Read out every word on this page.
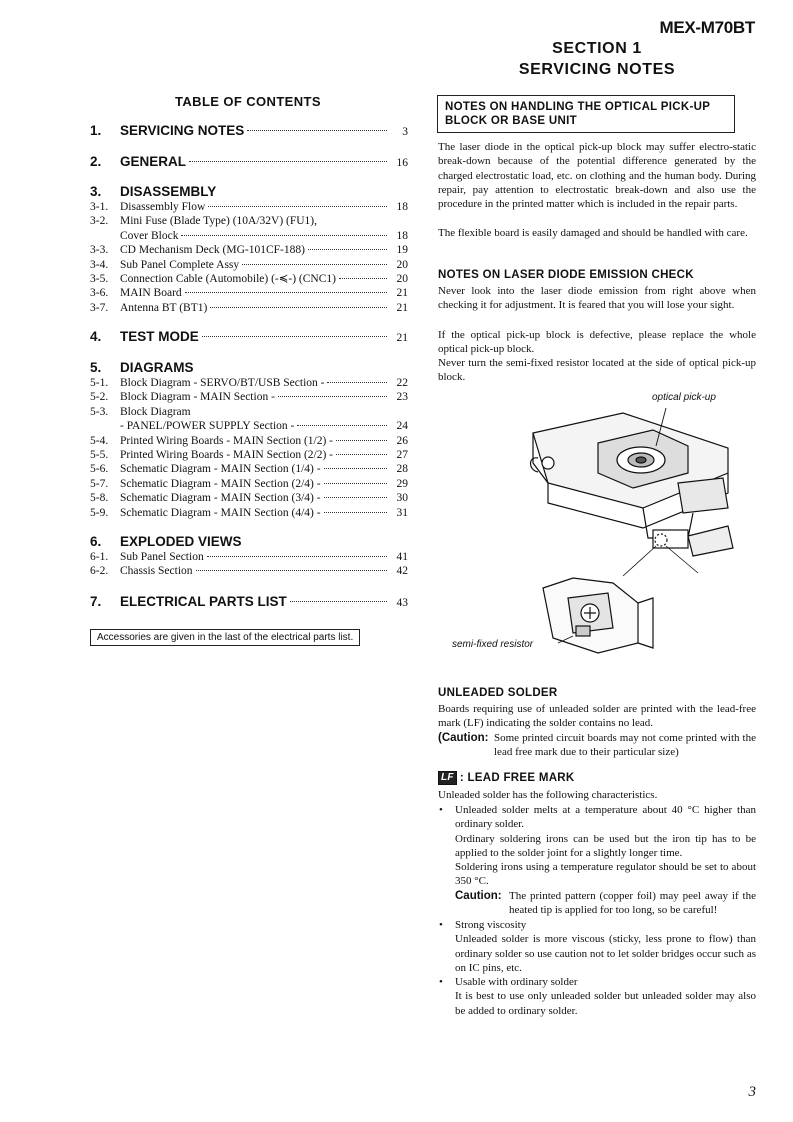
MEX-M70BT
SECTION 1
SERVICING NOTES
TABLE OF CONTENTS
1.	SERVICING NOTES	3
2.	GENERAL	16
3. DISASSEMBLY
3-1.	Disassembly Flow	18
3-2.	Mini Fuse (Blade Type) (10A/32V) (FU1),
Cover Block	18
3-3.	CD Mechanism Deck (MG-101CF-188)	19
3-4.	Sub Panel Complete Assy	20
3-5.	Connection Cable (Automobile) (-≼-) (CNC1)	20
3-6.	MAIN Board	21
3-7.	Antenna BT (BT1)	21
4.	TEST MODE	21
5. DIAGRAMS
5-1.	Block Diagram - SERVO/BT/USB Section -	22
5-2.	Block Diagram - MAIN Section -	23
5-3.	Block Diagram
- PANEL/POWER SUPPLY Section -	24
5-4.	Printed Wiring Boards - MAIN Section (1/2) -	26
5-5.	Printed Wiring Boards - MAIN Section (2/2) -	27
5-6.	Schematic Diagram - MAIN Section (1/4) -	28
5-7.	Schematic Diagram - MAIN Section (2/4) -	29
5-8.	Schematic Diagram - MAIN Section (3/4) -	30
5-9.	Schematic Diagram - MAIN Section (4/4) -	31
6. EXPLODED VIEWS
6-1.	Sub Panel Section	41
6-2.	Chassis Section	42
7.	ELECTRICAL PARTS LIST	43
Accessories are given in the last of the electrical parts list.
NOTES ON HANDLING THE OPTICAL PICK-UP BLOCK OR BASE UNIT
The laser diode in the optical pick-up block may suffer electro-static break-down because of the potential difference generated by the charged electrostatic load, etc. on clothing and the human body. During repair, pay attention to electrostatic break-down and also use the procedure in the printed matter which is included in the repair parts.
The flexible board is easily damaged and should be handled with care.
NOTES ON LASER DIODE EMISSION CHECK
Never look into the laser diode emission from right above when checking it for adjustment. It is feared that you will lose your sight.
If the optical pick-up block is defective, please replace the whole optical pick-up block.
Never turn the semi-fixed resistor located at the side of optical pick-up block.
optical pick-up
semi-fixed resistor
UNLEADED SOLDER
Boards requiring use of unleaded solder are printed with the lead-free mark (LF) indicating the solder contains no lead.
(Caution: Some printed circuit boards may not come printed with the lead free mark due to their particular size)
LF : LEAD FREE MARK
Unleaded solder has the following characteristics.
• Unleaded solder melts at a temperature about 40 °C higher than ordinary solder.
Ordinary soldering irons can be used but the iron tip has to be applied to the solder joint for a slightly longer time.
Soldering irons using a temperature regulator should be set to about 350 °C.
Caution: The printed pattern (copper foil) may peel away if the heated tip is applied for too long, so be careful!
• Strong viscosity
Unleaded solder is more viscous (sticky, less prone to flow) than ordinary solder so use caution not to let solder bridges occur such as on IC pins, etc.
• Usable with ordinary solder
It is best to use only unleaded solder but unleaded solder may also be added to ordinary solder.
3
